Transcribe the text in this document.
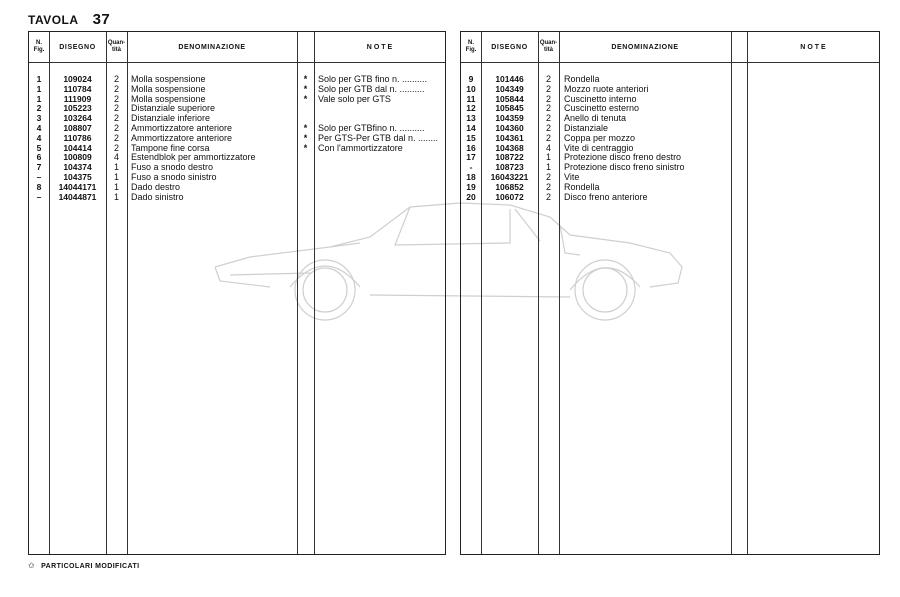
TAVOLA 37
N.
Fig.	DISEGNO
Quan-
tità	DENOMINAZIONE	NOTE
1	109024	2	Molla sospensione	*	Solo per GTB fino n. ..........
1	110784	2	Molla sospensione	*	Solo per GTB dal n. ..........
1	111909	2	Molla sospensione	*	Vale solo per GTS
2	105223	2	Distanziale superiore
3	103264	2	Distanziale inferiore
4	108807	2	Ammortizzatore anteriore	*	Solo per GTBfino n. ..........
4	110786	2	Ammortizzatore anteriore	*	Per GTS-Per GTB dal n. ........
5	104414	2	Tampone fine corsa	*	Con l'ammortizzatore
6	100809	4	Estendblok per ammortizzatore
7	104374	1	Fuso a snodo destro
–	104375	1	Fuso a snodo sinistro
8	14044171	1	Dado destro
–	14044871	1	Dado sinistro
N.
Fig.	DISEGNO
Quan-
tità	DENOMINAZIONE	NOTE
9	101446	2	Rondella
10	104349	2	Mozzo ruote anteriori
11	105844	2	Cuscinetto interno
12	105845	2	Cuscinetto esterno
13	104359	2	Anello di tenuta
14	104360	2	Distanziale
15	104361	2	Coppa per mozzo
16	104368	4	Vite di centraggio
17	108722	1	Protezione disco freno destro
-	108723	1	Protezione disco freno sinistro
18	16043221	2	Vite
19	106852	2	Rondella
20	106072	2	Disco freno anteriore
✩ PARTICOLARI MODIFICATI
